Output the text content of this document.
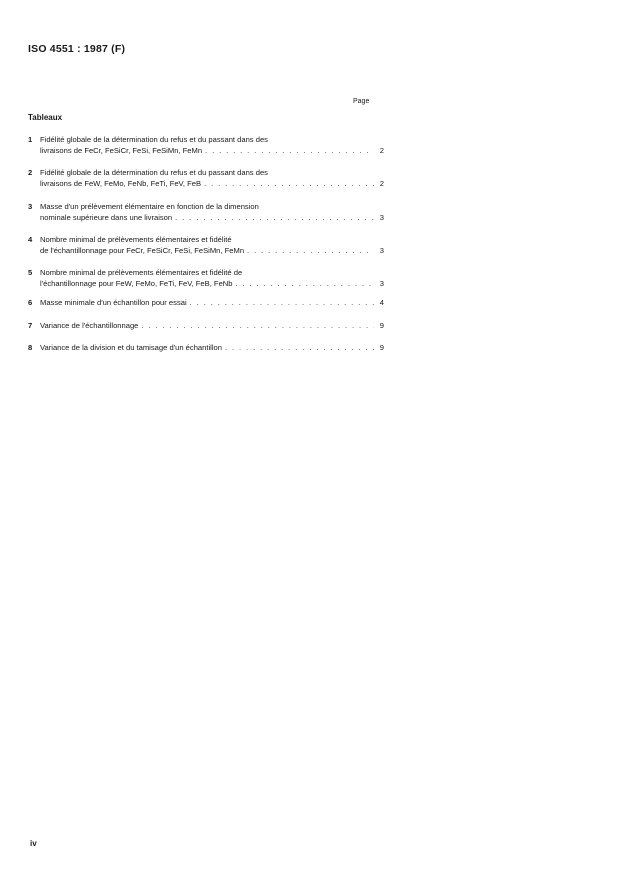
ISO 4551 : 1987 (F)
Page
Tableaux
1 Fidélité globale de la détermination du refus et du passant dans des
livraisons de FeCr, FeSiCr, FeSi, FeSiMn, FeMn . . .	2
2 Fidélité globale de la détermination du refus et du passant dans des
livraisons de FeW, FeMo, FeNb, FeTi, FeV, FeB . . .	2
3 Masse d'un prélèvement élémentaire en fonction de la dimension
nominale supérieure dans une livraison . . .	3
4 Nombre minimal de prélèvements élémentaires et fidélité
de l'échantillonnage pour FeCr, FeSiCr, FeSi, FeSiMn, FeMn . . .	3
5 Nombre minimal de prélèvements élémentaires et fidélité de
l'échantillonnage pour FeW, FeMo, FeTi, FeV, FeB, FeNb . . .	3
6 Masse minimale d'un échantillon pour essai . . .	4
7 Variance de l'échantillonnage . . .	9
8 Variance de la division et du tamisage d'un échantillon . . .	9
iv
